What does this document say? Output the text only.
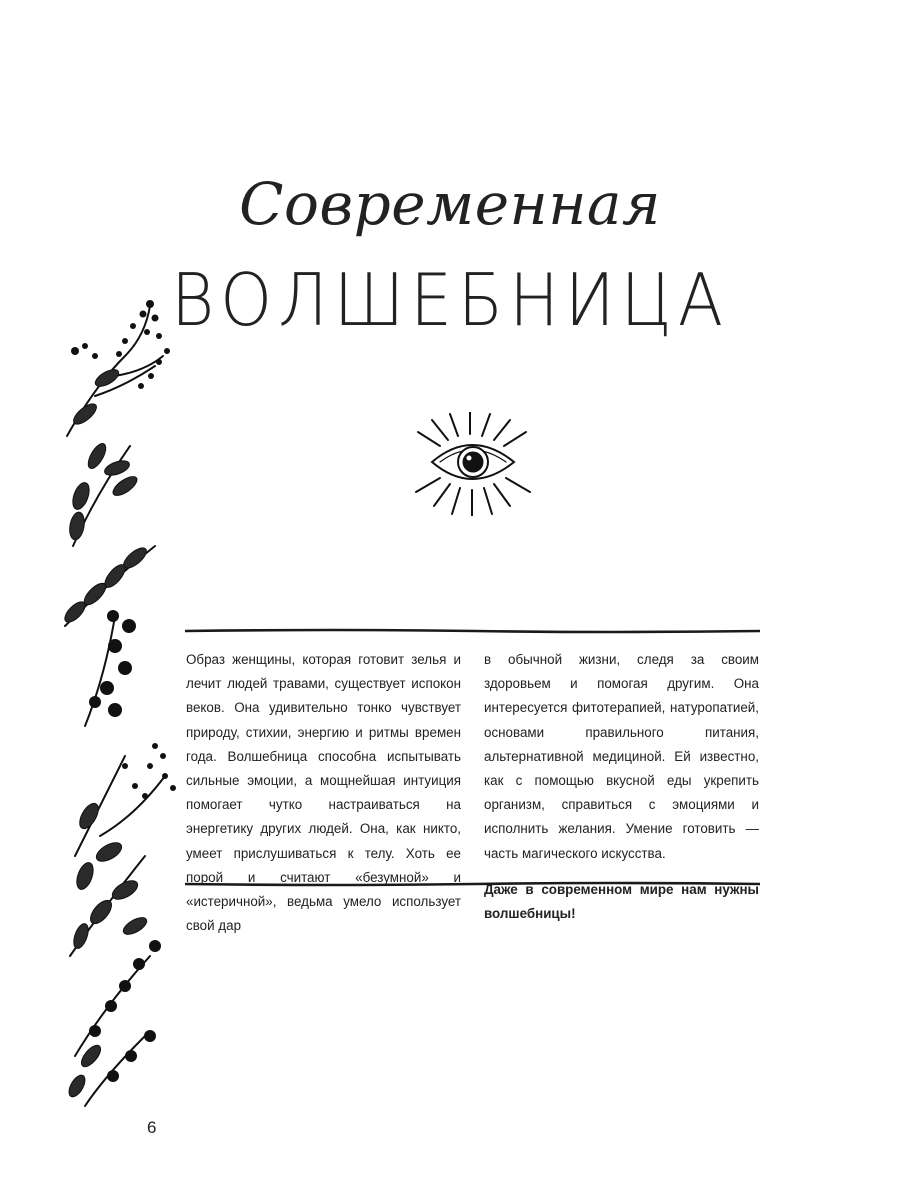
Современная
ВОЛШЕБНИЦА

Образ женщины, которая готовит зелья и лечит людей травами, существует испокон веков. Она удивительно тонко чувствует природу, стихии, энергию и ритмы времен года. Волшебница способна испытывать сильные эмоции, а мощнейшая интуиция помогает чутко настраиваться на энергетику других людей. Она, как никто, умеет прислушиваться к телу. Хоть ее порой и считают «безумной» и «истеричной», ведьма умело использует свой дар

в обычной жизни, следя за своим здоровьем и помогая другим. Она интересуется фитотерапией, натуропатией, основами правильного питания, альтернативной медициной. Ей известно, как с помощью вкусной еды укрепить организм, справиться с эмоциями и исполнить желания. Умение готовить — часть магического искусства.

Даже в современном мире нам нужны волшебницы!

6
